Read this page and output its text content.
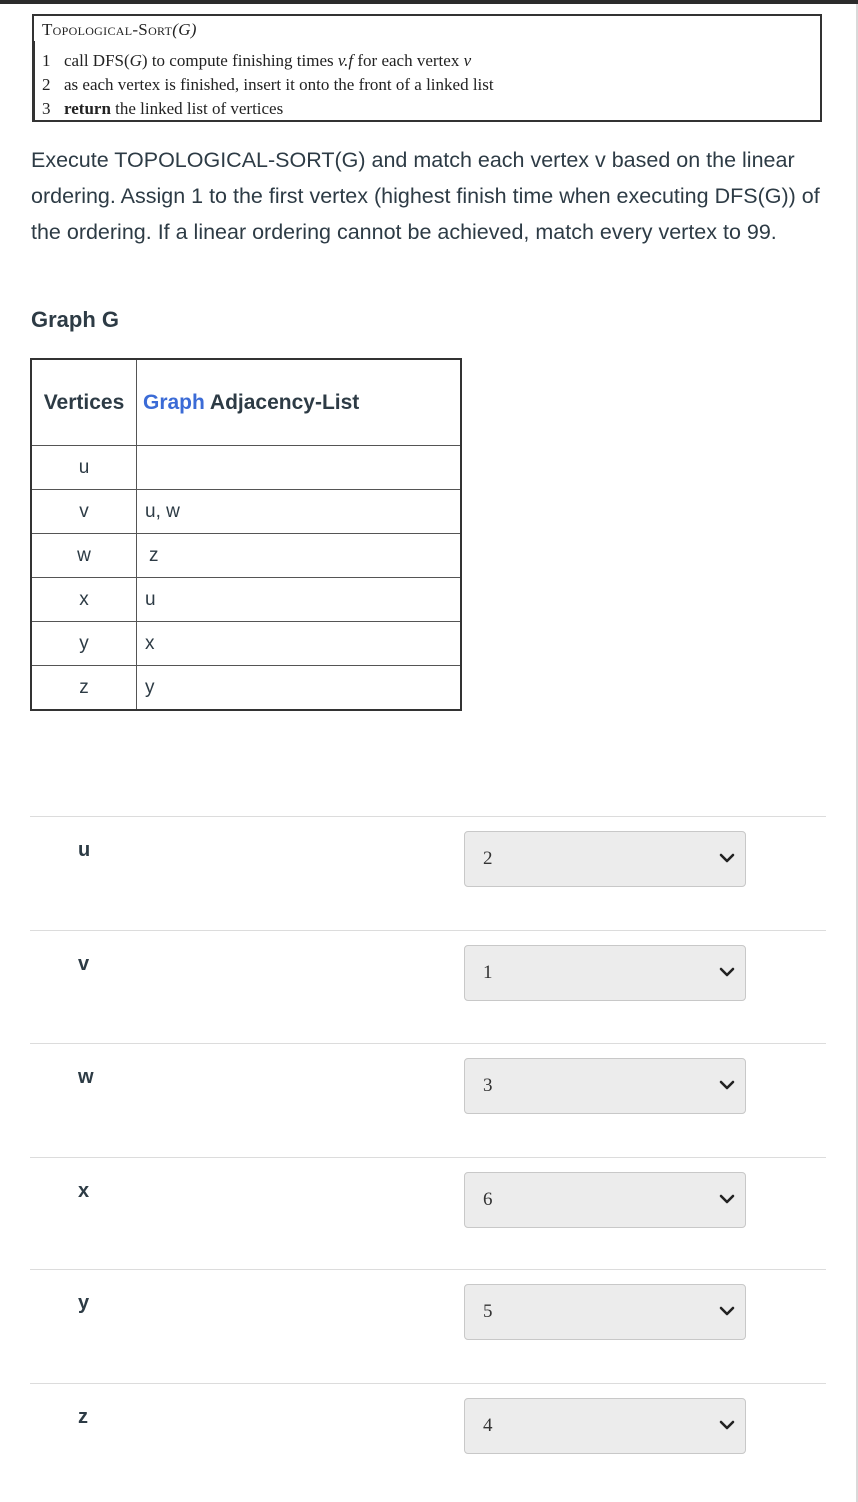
Topological-Sort(G)
1 call DFS(G) to compute finishing times v.f for each vertex v
2 as each vertex is finished, insert it onto the front of a linked list
3 return the linked list of vertices
Execute TOPOLOGICAL-SORT(G) and match each vertex v based on the linear ordering. Assign 1 to the first vertex (highest finish time when executing DFS(G)) of the ordering. If a linear ordering cannot be achieved, match every vertex to 99.
Graph G
Vertices	Graph Adjacency-List
u	
v	u, w
w	z
x	u
y	x
z	y
u	2
v	1
w	3
x	6
y	5
z	4
